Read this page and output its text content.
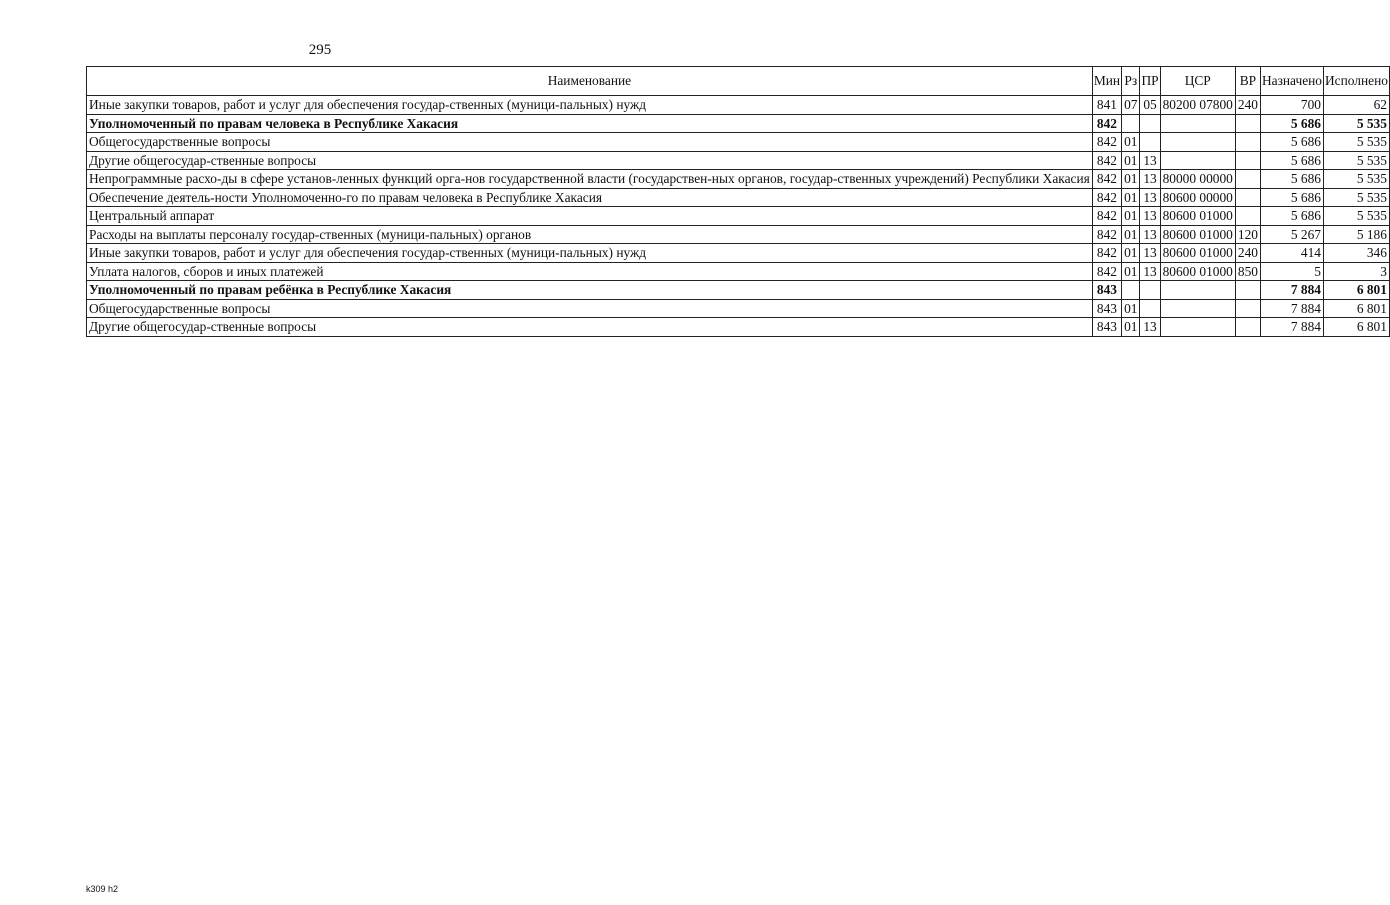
295
Наименование	Мин	Рз	ПР	ЦСР	ВР	Назначено	Исполнено
Иные закупки товаров, работ и услуг для обеспечения государ-ственных (муници-пальных) нужд	841	07	05	80200 07800	240	700	62
Уполномоченный по правам человека в Республике Хакасия	842					5 686	5 535
Общегосударственные вопросы	842	01				5 686	5 535
Другие общегосудар-ственные вопросы	842	01	13			5 686	5 535
Непрограммные расхо-ды в сфере установ-ленных функций орга-нов государственной власти (государствен-ных органов, государ-ственных учреждений) Республики Хакасия	842	01	13	80000 00000		5 686	5 535
Обеспечение деятель-ности Уполномоченно-го по правам человека в Республике Хакасия	842	01	13	80600 00000		5 686	5 535
Центральный аппарат	842	01	13	80600 01000		5 686	5 535
Расходы на выплаты персоналу государ-ственных (муници-пальных) органов	842	01	13	80600 01000	120	5 267	5 186
Иные закупки товаров, работ и услуг для обеспечения государ-ственных (муници-пальных) нужд	842	01	13	80600 01000	240	414	346
Уплата налогов, сборов и иных платежей	842	01	13	80600 01000	850	5	3
Уполномоченный по правам ребёнка в Республике Хакасия	843					7 884	6 801
Общегосударственные вопросы	843	01				7 884	6 801
Другие общегосудар-ственные вопросы	843	01	13			7 884	6 801
k309 h2
